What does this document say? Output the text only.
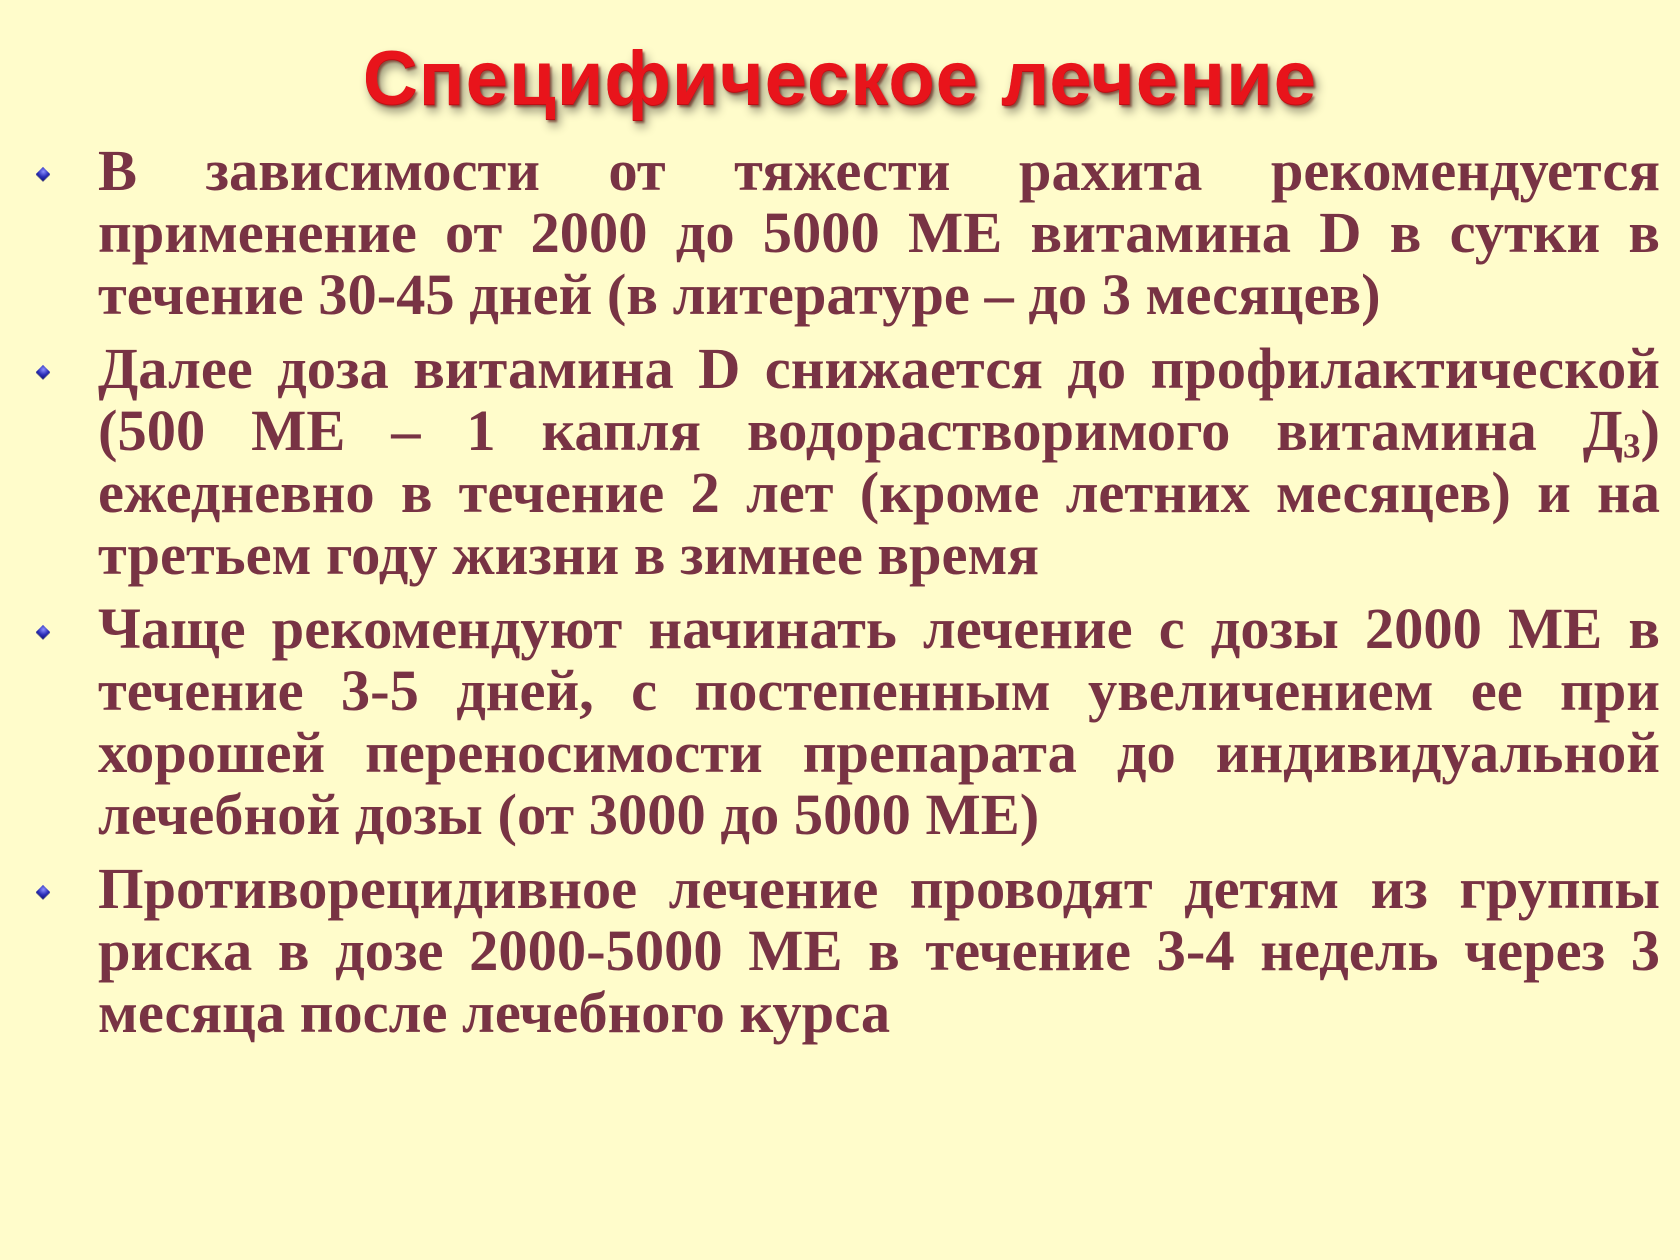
Специфическое лечение
В зависимости от тяжести рахита рекомендуется применение от 2000 до 5000 МЕ витамина D в сутки в течение 30-45 дней (в литературе – до 3 месяцев)
Далее доза витамина D снижается до профилактической (500 МЕ – 1 капля водорастворимого витамина $Д_3$) ежедневно в течение 2 лет (кроме летних месяцев) и на третьем году жизни в зимнее время
Чаще рекомендуют начинать лечение с дозы 2000 МЕ в течение 3-5 дней, с постепенным увеличением ее при хорошей переносимости препарата до индивидуальной лечебной дозы (от 3000 до 5000 МЕ)
Противорецидивное лечение проводят детям из группы риска в дозе 2000-5000 МЕ в течение 3-4 недель через 3 месяца после лечебного курса
